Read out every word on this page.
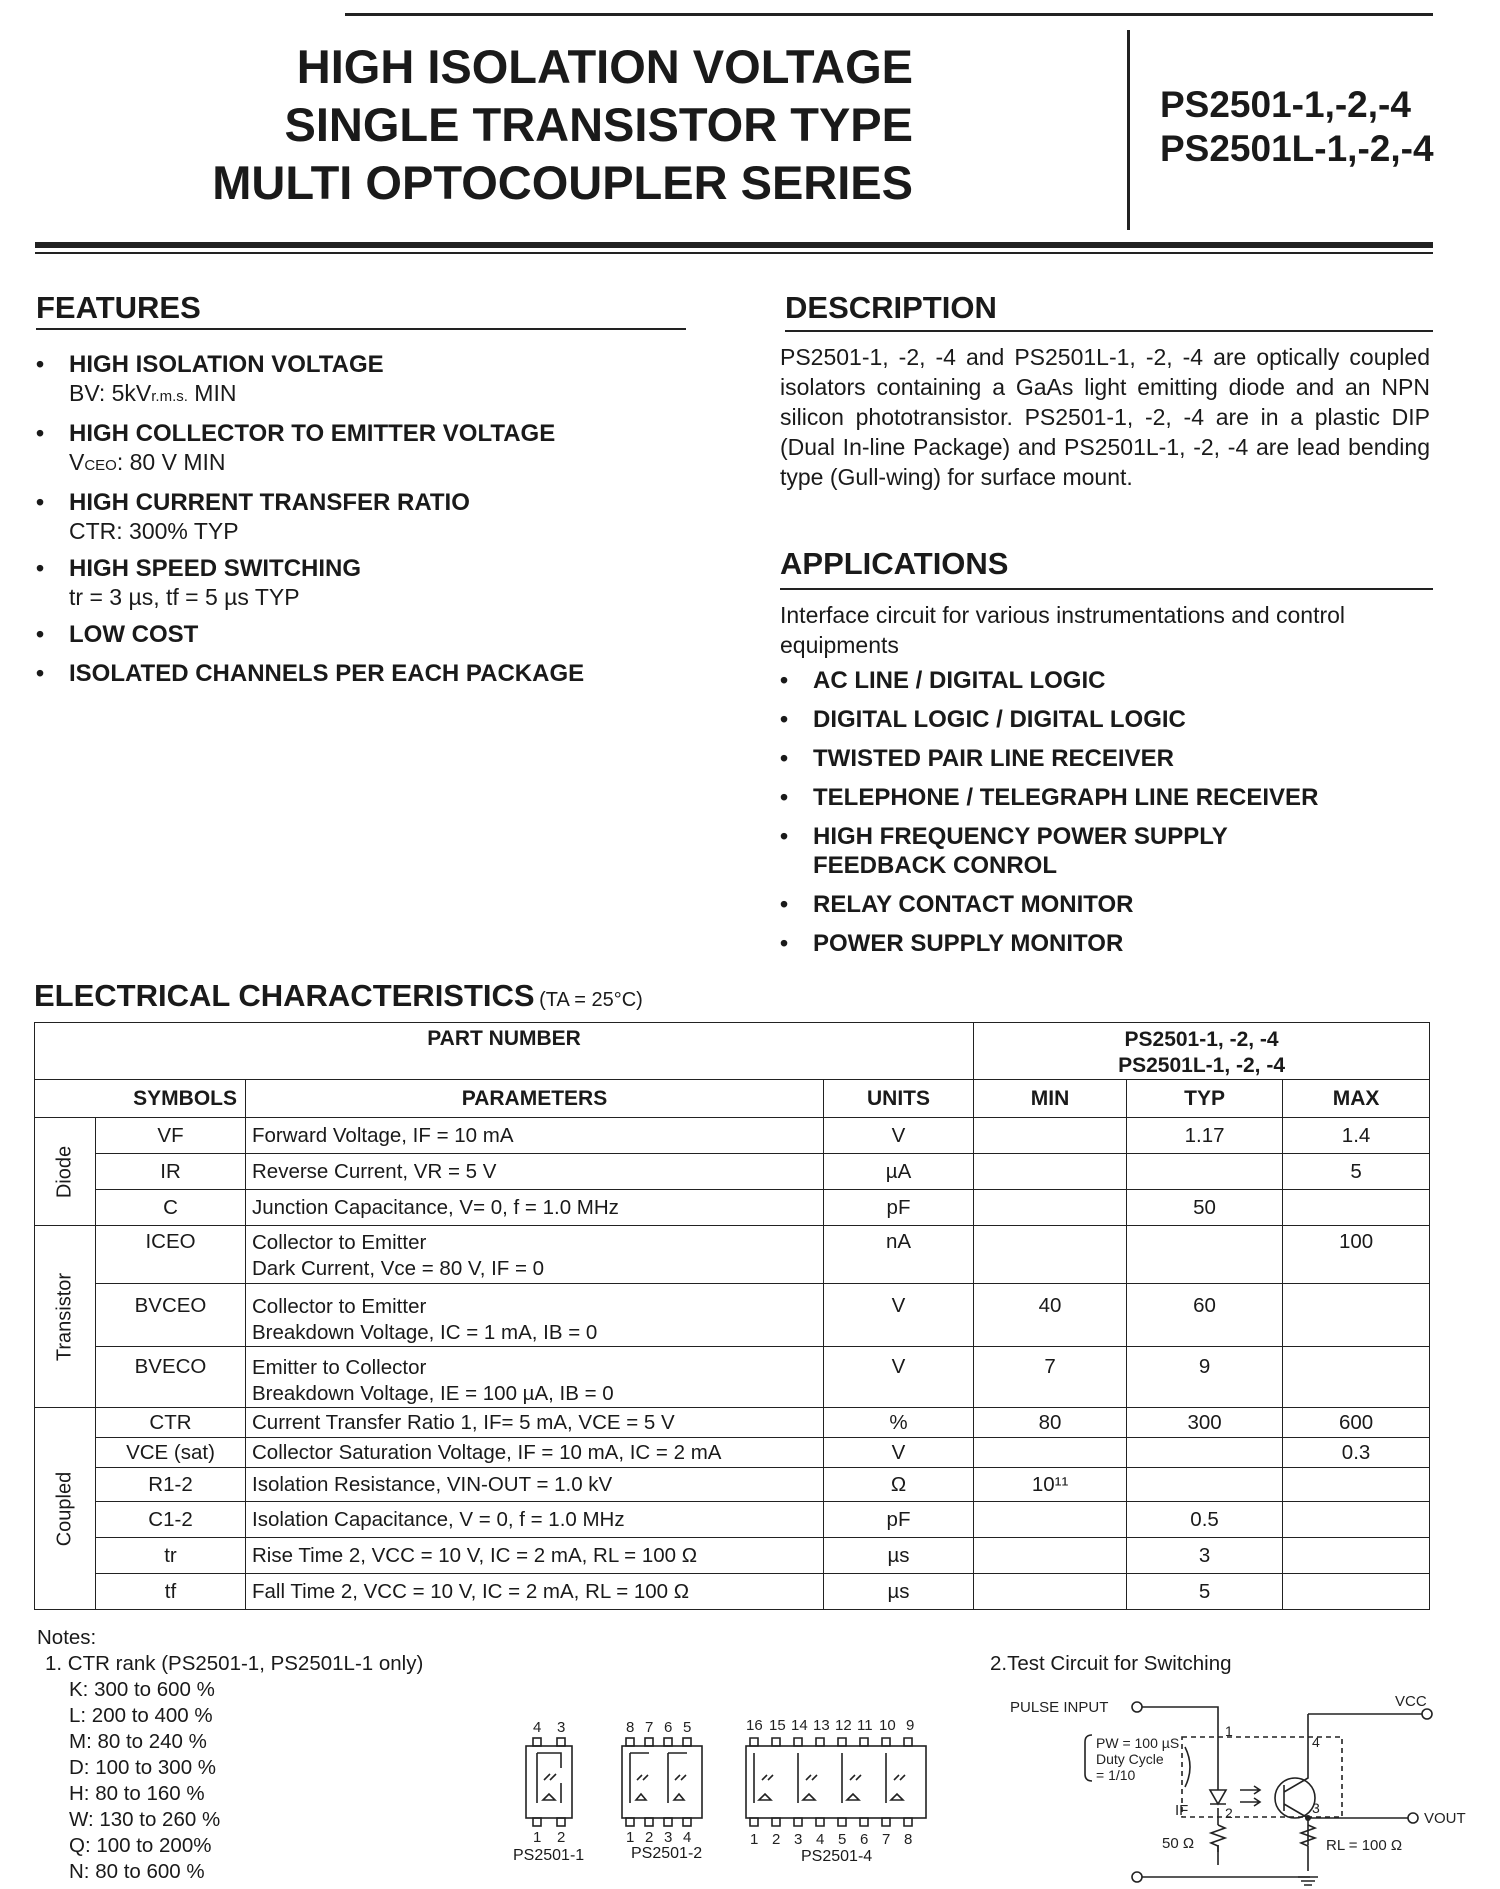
HIGH ISOLATION VOLTAGE
SINGLE TRANSISTOR TYPE
MULTI OPTOCOUPLER SERIES
PS2501-1,-2,-4
PS2501L-1,-2,-4
FEATURES
• HIGH ISOLATION VOLTAGE
BV: 5kVr.m.s. MIN
• HIGH COLLECTOR TO EMITTER VOLTAGE
VCEO: 80 V MIN
• HIGH CURRENT TRANSFER RATIO
CTR: 300% TYP
• HIGH SPEED SWITCHING
tr = 3 µs, tf = 5 µs TYP
• LOW COST
• ISOLATED CHANNELS PER EACH PACKAGE
DESCRIPTION
PS2501-1, -2, -4 and PS2501L-1, -2, -4 are optically coupled isolators containing a GaAs light emitting diode and an NPN silicon phototransistor. PS2501-1, -2, -4 are in a plastic DIP (Dual In-line Package) and PS2501L-1, -2, -4 are lead bending type (Gull-wing) for surface mount.
APPLICATIONS
Interface circuit for various instrumentations and control equipments
• AC LINE / DIGITAL LOGIC
• DIGITAL LOGIC / DIGITAL LOGIC
• TWISTED PAIR LINE RECEIVER
• TELEPHONE / TELEGRAPH LINE RECEIVER
• HIGH FREQUENCY POWER SUPPLY FEEDBACK CONROL
• RELAY CONTACT MONITOR
• POWER SUPPLY MONITOR
ELECTRICAL CHARACTERISTICS (TA = 25°C)
PART NUMBER				PS2501-1, -2, -4
PS2501L-1, -2, -4		

SYMBOLS		PARAMETERS	UNITS	MIN	TYP	MAX

Diode	VF	Forward Voltage, IF = 10 mA	V		1.17	1.4
	IR	Reverse Current, VR = 5 V	µA			5
	C	Junction Capacitance, V= 0, f = 1.0 MHz	pF		50	

Transistor	ICEO	Collector to Emitter
Dark Current, Vce = 80 V, IF = 0	nA			100
	BVCEO	Collector to Emitter
Breakdown Voltage, IC = 1 mA, IB = 0	V	40	60	
	BVECO	Emitter to Collector
Breakdown Voltage, IE = 100 µA, IB = 0	V	7	9	

Coupled	CTR	Current Transfer Ratio 1, IF= 5 mA, VCE = 5 V	%	80	300	600
	VCE (sat)	Collector Saturation Voltage, IF = 10 mA, IC = 2 mA	V			0.3
	R1-2	Isolation Resistance, VIN-OUT = 1.0 kV	Ω	10¹¹		
	C1-2	Isolation Capacitance, V = 0, f = 1.0 MHz	pF		0.5	
	tr	Rise Time 2, VCC = 10 V, IC = 2 mA, RL = 100 Ω	µs		3	
	tf	Fall Time 2, VCC = 10 V, IC = 2 mA, RL = 100 Ω	µs		5	
Notes:
1. CTR rank (PS2501-1, PS2501L-1 only)
K: 300 to 600 %
L: 200 to 400 %
M: 80 to 240 %
D: 100 to 300 %
H: 80 to 160 %
W: 130 to 260 %
Q: 100 to 200%
N: 80 to 600 %
2.Test Circuit for Switching
4 3
1 2
8 7 6 5
1 2 3 4
16 15 14 13 12 11 10 9
1 2 3 4 5 6 7 8
PS2501-1	PS2501-2	PS2501-4
PULSE INPUT
PW = 100 µS
Duty Cycle
= 1/10
IF
50 Ω
VCC
VOUT
RL = 100 Ω
1
2	3
4
